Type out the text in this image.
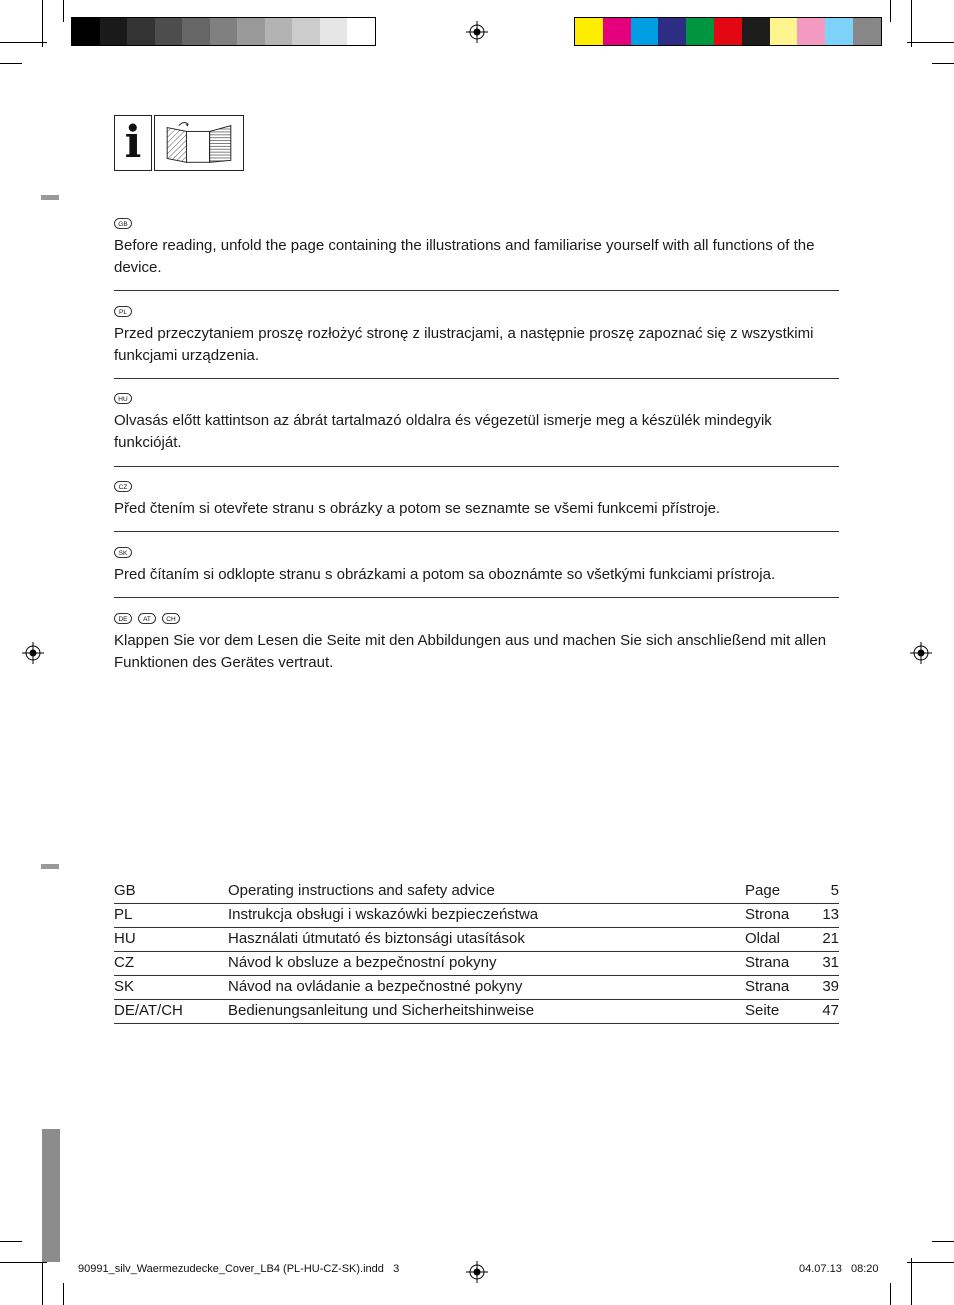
i
GB
Before reading, unfold the page containing the illustrations and familiarise yourself with all functions of the device.
PL
Przed przeczytaniem proszę rozłożyć stronę z ilustracjami, a następnie proszę zapoznać się z wszystkimi funkcjami urządzenia.
HU
Olvasás előtt kattintson az ábrát tartalmazó oldalra és végezetül ismerje meg a készülék mindegyik funkcióját.
CZ
Před čtením si otevřete stranu s obrázky a potom se seznamte se všemi funkcemi přístroje.
SK
Pred čítaním si odklopte stranu s obrázkami a potom sa oboznámte so všetkými funkciami prístroja.
DE	AT	CH
Klappen Sie vor dem Lesen die Seite mit den Abbildungen aus und machen Sie sich anschließend mit allen Funktionen des Gerätes vertraut.
GB	Operating instructions and safety advice	Page	5
PL	Instrukcja obsługi i wskazówki bezpieczeństwa	Strona 13
HU	Használati útmutató és biztonsági utasítások	Oldal	21
CZ	Návod k obsluze a bezpečnostní pokyny	Strana 31
SK	Návod na ovládanie a bezpečnostné pokyny	Strana 39
DE/AT/CH	Bedienungsanleitung und Sicherheitshinweise	Seite	47
90991_silv_Waermezudecke_Cover_LB4 (PL-HU-CZ-SK).indd 3	04.07.13 08:20
